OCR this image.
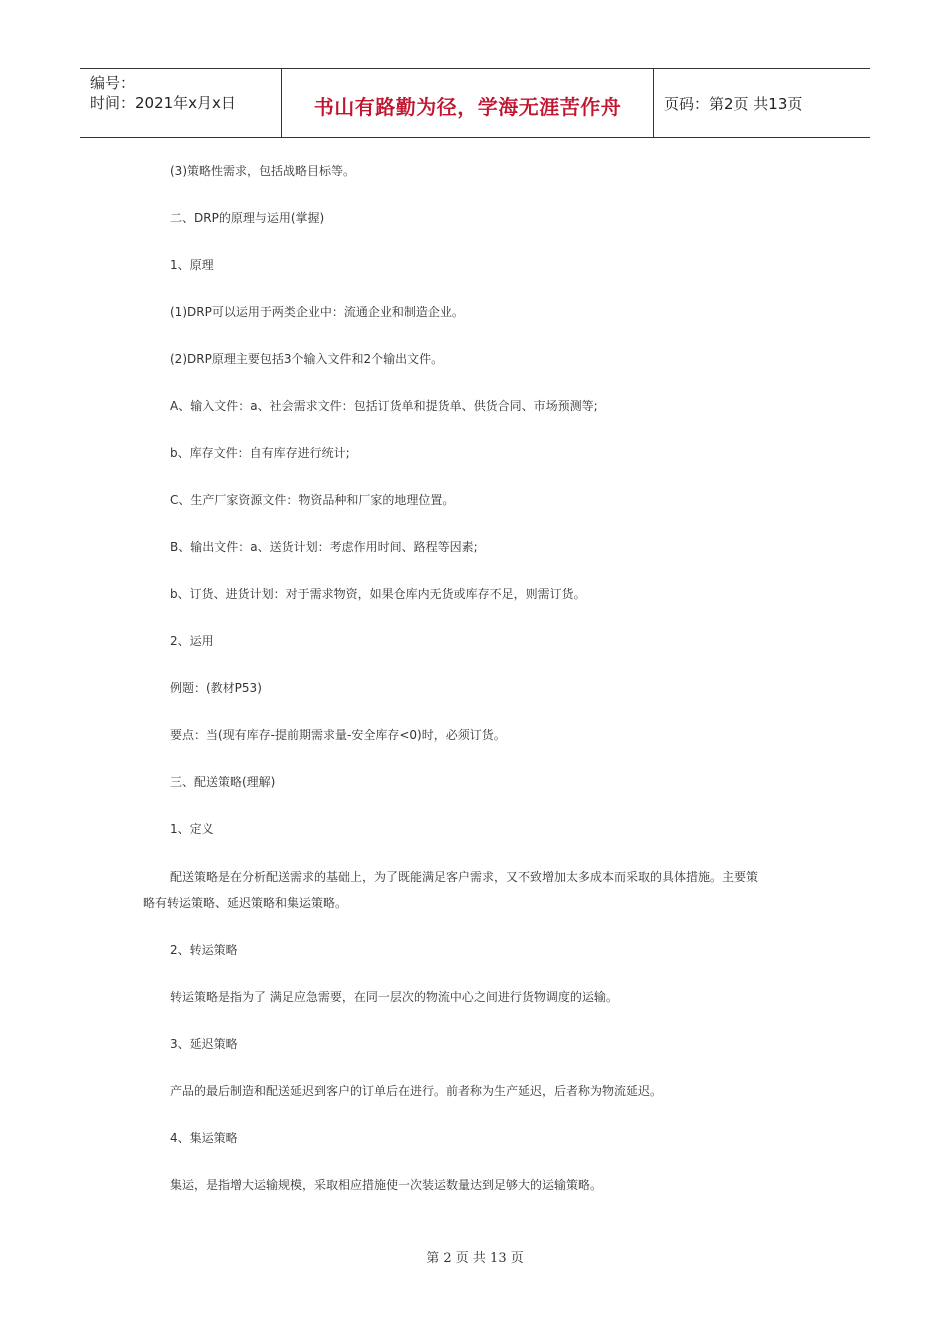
编号：
时间：2021年x月x日	书山有路勤为径，学海无涯苦作舟	页码：第2页 共13页
(3)策略性需求，包括战略目标等。
二、DRP的原理与运用(掌握)
1、原理
(1)DRP可以运用于两类企业中：流通企业和制造企业。
(2)DRP原理主要包括3个输入文件和2个输出文件。
A、输入文件：a、社会需求文件：包括订货单和提货单、供货合同、市场预测等;
b、库存文件：自有库存进行统计;
C、生产厂家资源文件：物资品种和厂家的地理位置。
B、输出文件：a、送货计划：考虑作用时间、路程等因素;
b、订货、进货计划：对于需求物资，如果仓库内无货或库存不足，则需订货。
2、运用
例题：(教材P53)
要点：当(现有库存-提前期需求量-安全库存<0)时，必须订货。
三、配送策略(理解)
1、定义
配送策略是在分析配送需求的基础上，为了既能满足客户需求，又不致增加太多成本而采取的具体措施。主要策
略有转运策略、延迟策略和集运策略。
2、转运策略
转运策略是指为了 满足应急需要，在同一层次的物流中心之间进行货物调度的运输。
3、延迟策略
产品的最后制造和配送延迟到客户的订单后在进行。前者称为生产延迟，后者称为物流延迟。
4、集运策略
集运，是指增大运输规模，采取相应措施使一次装运数量达到足够大的运输策略。
第 2 页 共 13 页
